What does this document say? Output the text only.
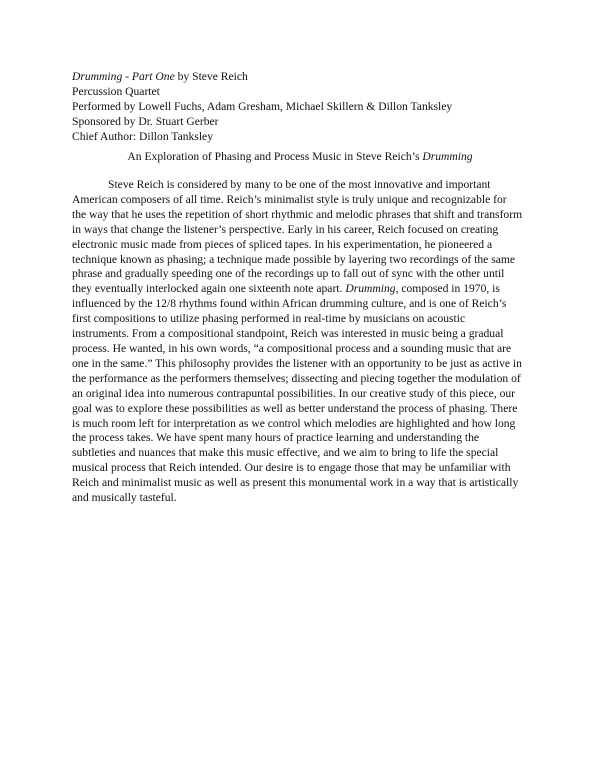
Drumming - Part One by Steve Reich
Percussion Quartet
Performed by Lowell Fuchs, Adam Gresham, Michael Skillern & Dillon Tanksley
Sponsored by Dr. Stuart Gerber
Chief Author: Dillon Tanksley
An Exploration of Phasing and Process Music in Steve Reich’s Drumming
Steve Reich is considered by many to be one of the most innovative and important
American composers of all time. Reich’s minimalist style is truly unique and recognizable for
the way that he uses the repetition of short rhythmic and melodic phrases that shift and transform
in ways that change the listener’s perspective. Early in his career, Reich focused on creating
electronic music made from pieces of spliced tapes. In his experimentation, he pioneered a
technique known as phasing; a technique made possible by layering two recordings of the same
phrase and gradually speeding one of the recordings up to fall out of sync with the other until
they eventually interlocked again one sixteenth note apart. Drumming, composed in 1970, is
influenced by the 12/8 rhythms found within African drumming culture, and is one of Reich’s
first compositions to utilize phasing performed in real-time by musicians on acoustic
instruments. From a compositional standpoint, Reich was interested in music being a gradual
process. He wanted, in his own words, “a compositional process and a sounding music that are
one in the same.” This philosophy provides the listener with an opportunity to be just as active in
the performance as the performers themselves; dissecting and piecing together the modulation of
an original idea into numerous contrapuntal possibilities. In our creative study of this piece, our
goal was to explore these possibilities as well as better understand the process of phasing. There
is much room left for interpretation as we control which melodies are highlighted and how long
the process takes. We have spent many hours of practice learning and understanding the
subtleties and nuances that make this music effective, and we aim to bring to life the special
musical process that Reich intended. Our desire is to engage those that may be unfamiliar with
Reich and minimalist music as well as present this monumental work in a way that is artistically
and musically tasteful.
